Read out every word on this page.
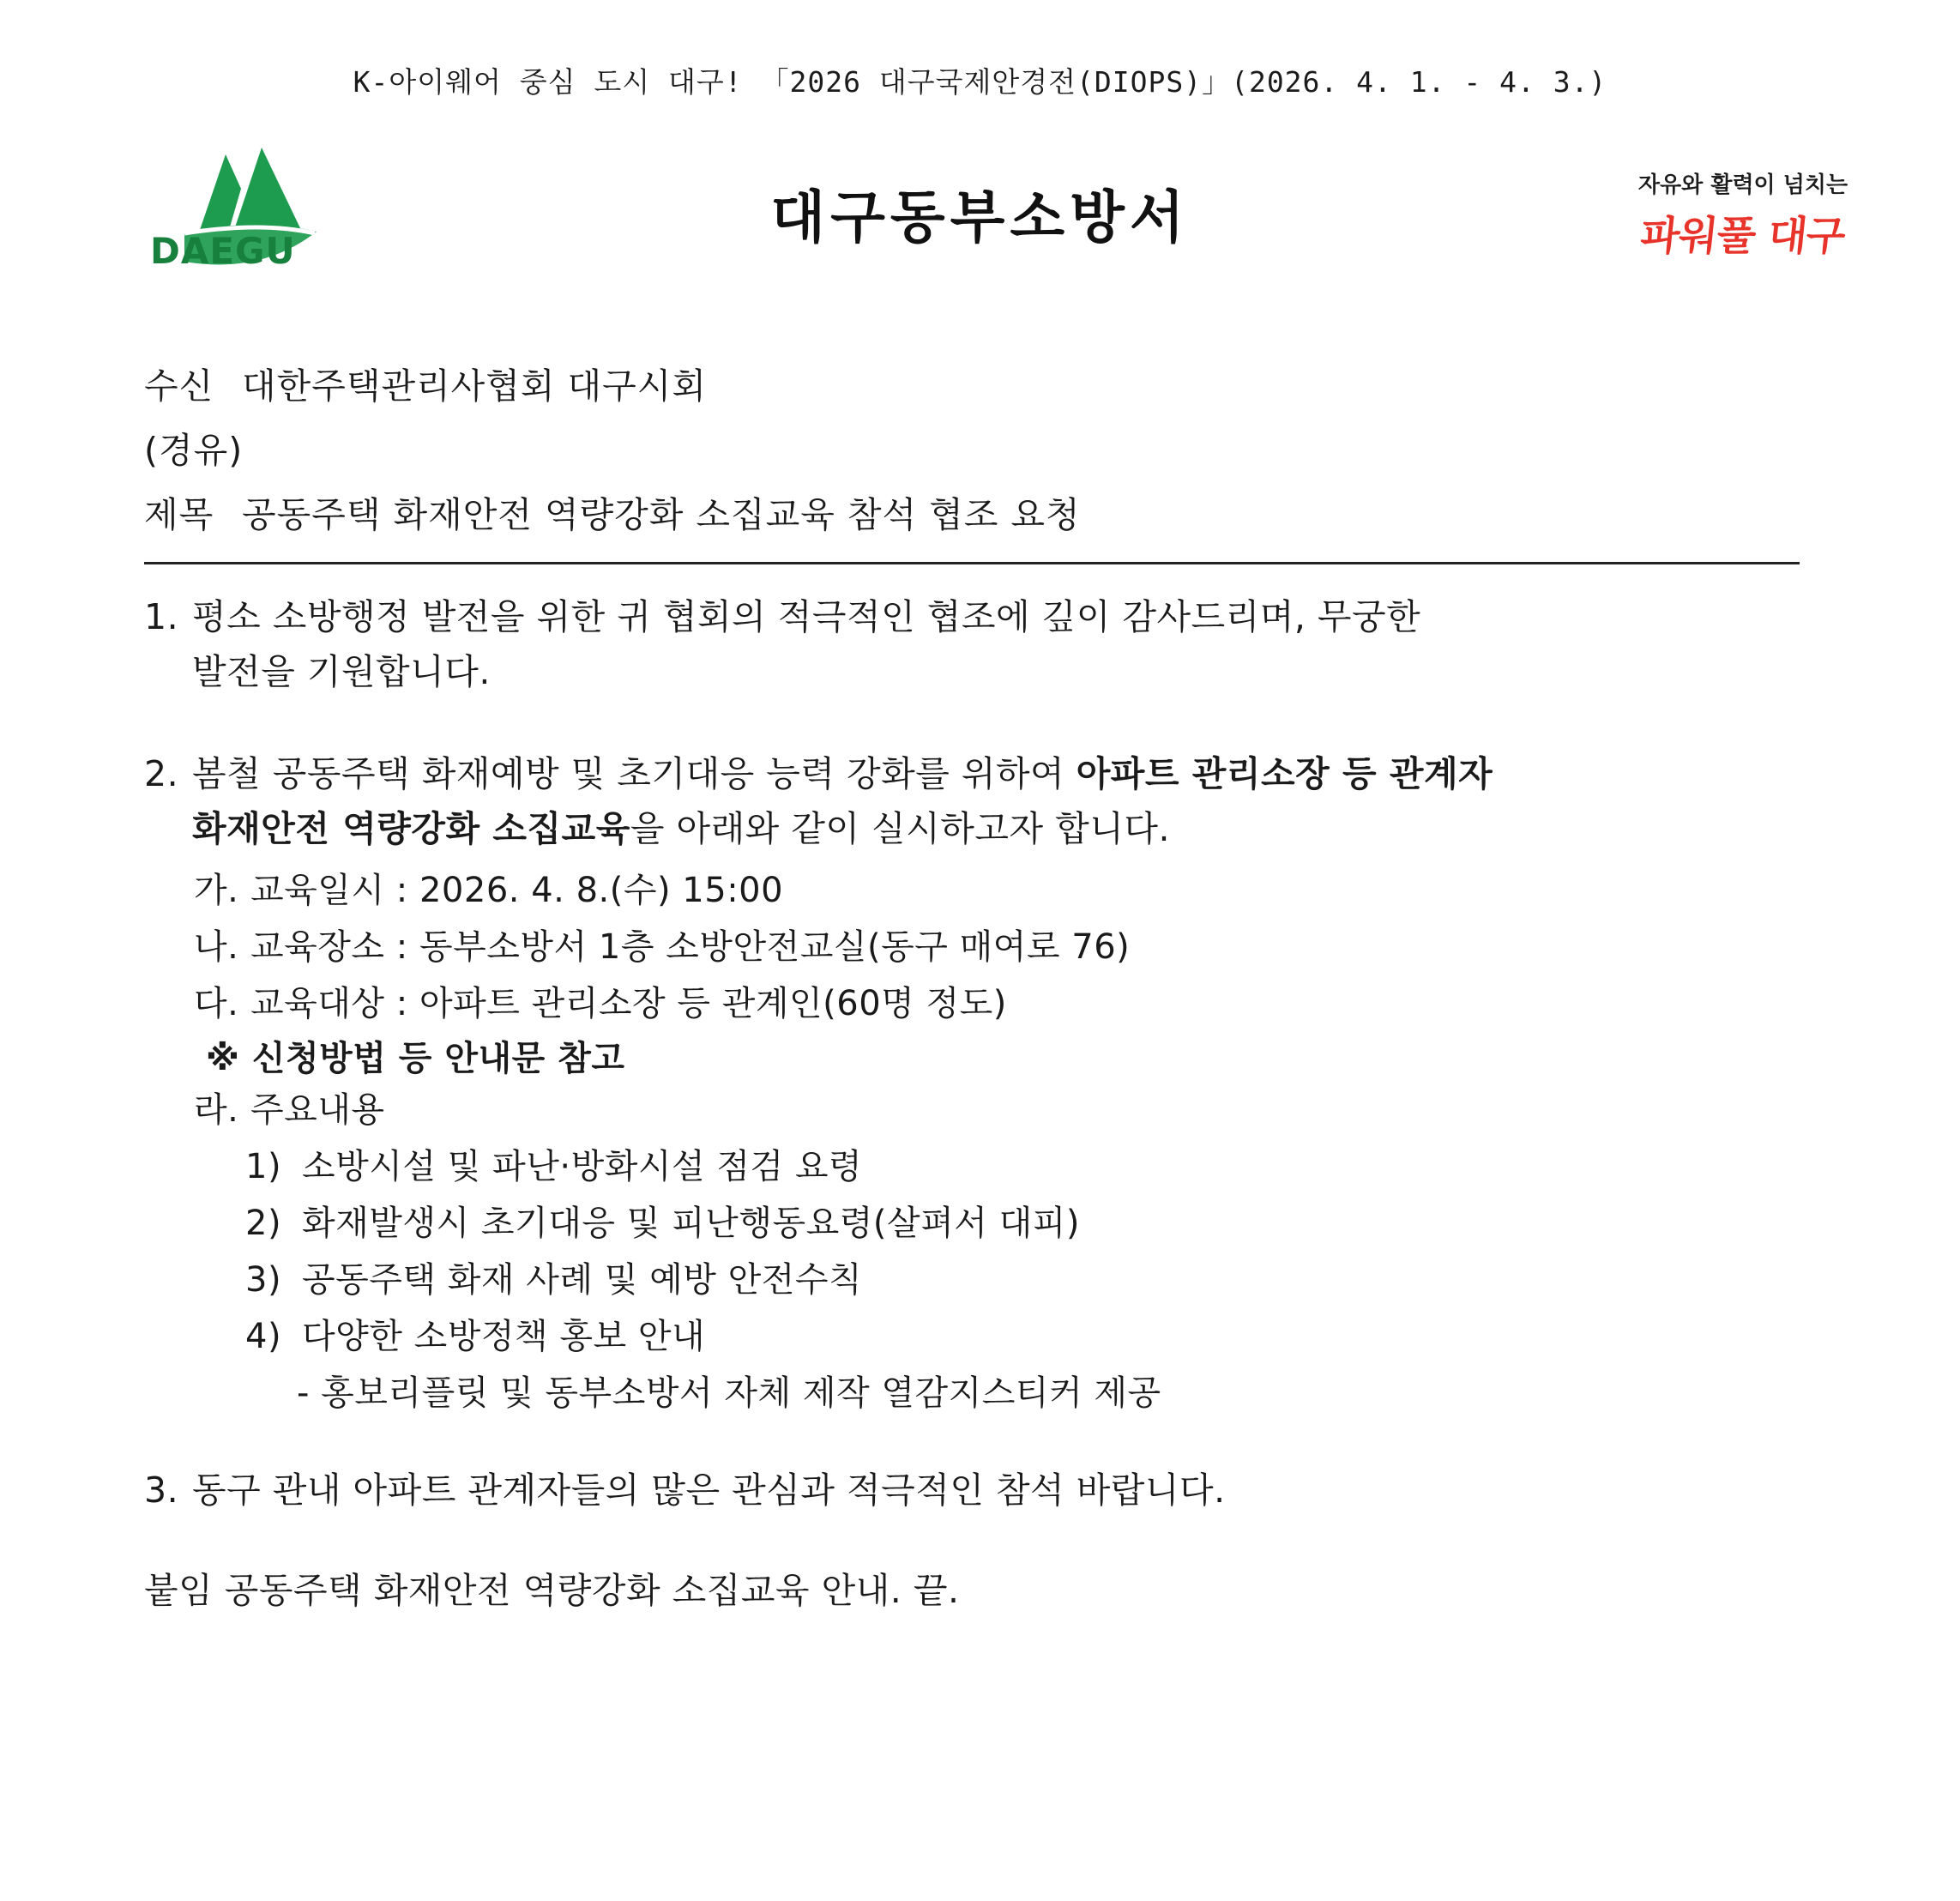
K-아이웨어 중심 도시 대구! 「2026 대구국제안경전(DIOPS)」(2026. 4. 1. - 4. 3.)
DAEGU
대구동부소방서	자유와 활력이 넘치는
파워풀 대구
수신 대한주택관리사협회 대구시회
(경유)
제목 공동주택 화재안전 역량강화 소집교육 참석 협조 요청
1. 평소 소방행정 발전을 위한 귀 협회의 적극적인 협조에 깊이 감사드리며, 무궁한
발전을 기원합니다.
2. 봄철 공동주택 화재예방 및 초기대응 능력 강화를 위하여 아파트 관리소장 등 관계자
화재안전 역량강화 소집교육을 아래와 같이 실시하고자 합니다.
가. 교육일시 : 2026. 4. 8.(수) 15:00
나. 교육장소 : 동부소방서 1층 소방안전교실(동구 매여로 76)
다. 교육대상 : 아파트 관리소장 등 관계인(60명 정도)
※ 신청방법 등 안내문 참고
라. 주요내용
1) 소방시설 및 파난·방화시설 점검 요령
2) 화재발생시 초기대응 및 피난행동요령(살펴서 대피)
3) 공동주택 화재 사례 및 예방 안전수칙
4) 다양한 소방정책 홍보 안내
- 홍보리플릿 및 동부소방서 자체 제작 열감지스티커 제공
3. 동구 관내 아파트 관계자들의 많은 관심과 적극적인 참석 바랍니다.
붙임 공동주택 화재안전 역량강화 소집교육 안내. 끝.
